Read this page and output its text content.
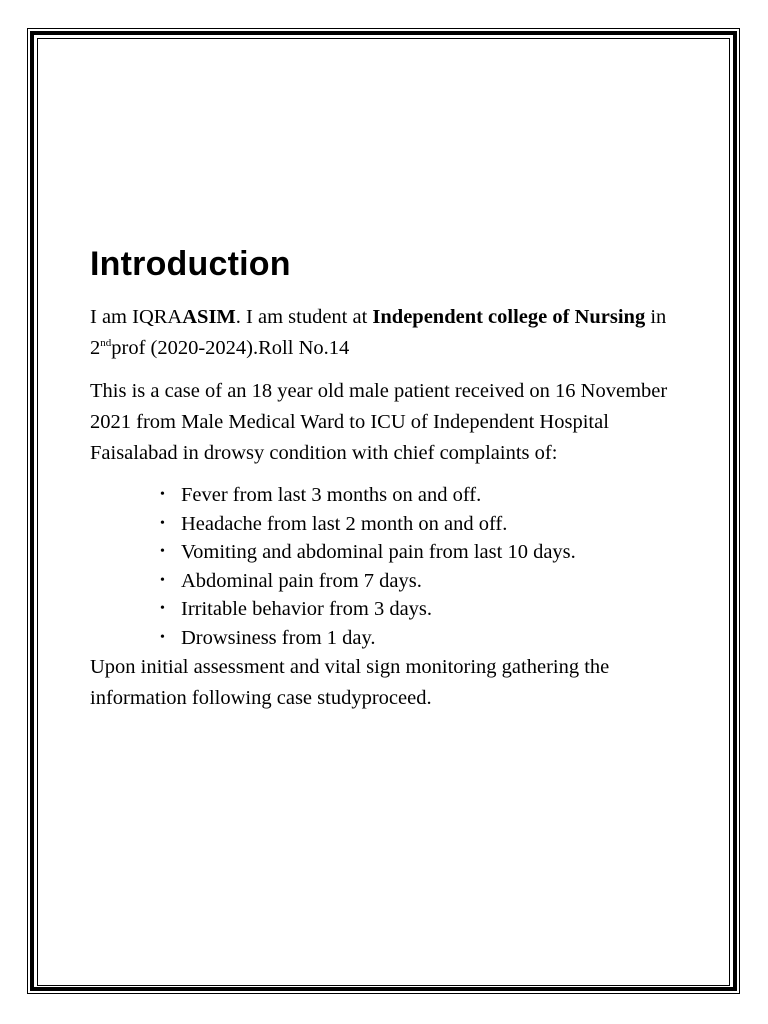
Introduction

I am IQRAASIM. I am student at Independent college of Nursing in 2ndprof (2020-2024).Roll No.14

This is a case of an 18 year old male patient received on 16 November 2021 from Male Medical Ward to ICU of Independent Hospital Faisalabad in drowsy condition with chief complaints of:

• Fever from last 3 months on and off.
• Headache from last 2 month on and off.
• Vomiting and abdominal pain from last 10 days.
• Abdominal pain from 7 days.
• Irritable behavior from 3 days.
• Drowsiness from 1 day.

Upon initial assessment and vital sign monitoring gathering the information following case studyproceed.
